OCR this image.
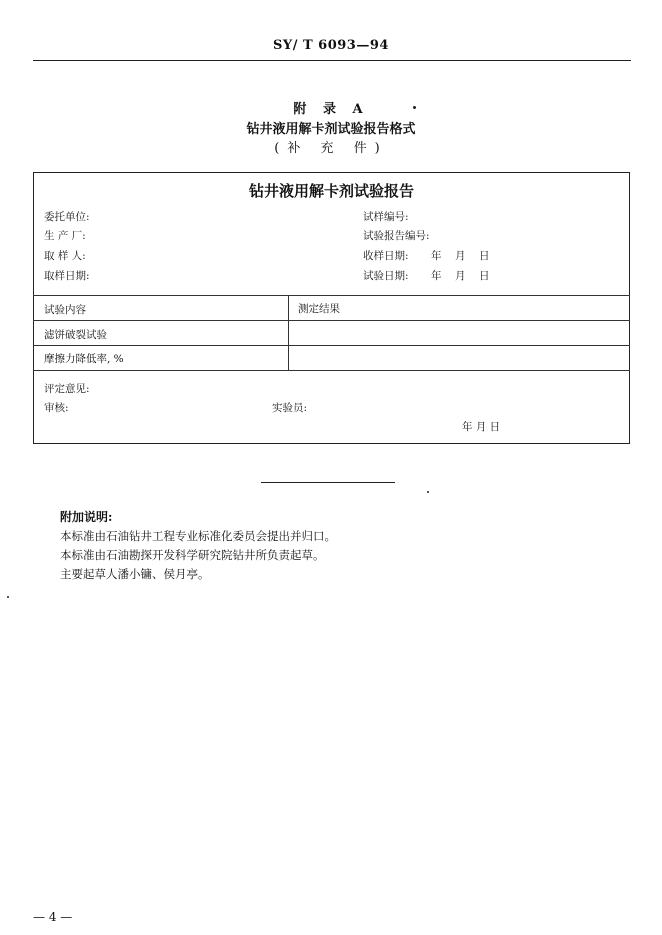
SY/ T 6093—94
附 录 A
钻井液用解卡剂试验报告格式
(补 充 件)
钻井液用解卡剂试验报告
委托单位:
生 产 厂:
取 样 人:
取样日期:
试样编号:
试验报告编号:
收样日期:
试验日期:
年 月 日
年 月 日
试验内容	测定结果
滤饼破裂试验
摩擦力降低率, %
评定意见:
审核:	实验员:
年 月 日
附加说明:
本标准由石油钻井工程专业标准化委员会提出并归口。
本标准由石油勘探开发科学研究院钻井所负责起草。
主要起草人潘小镛、侯月亭。
— 4 —
